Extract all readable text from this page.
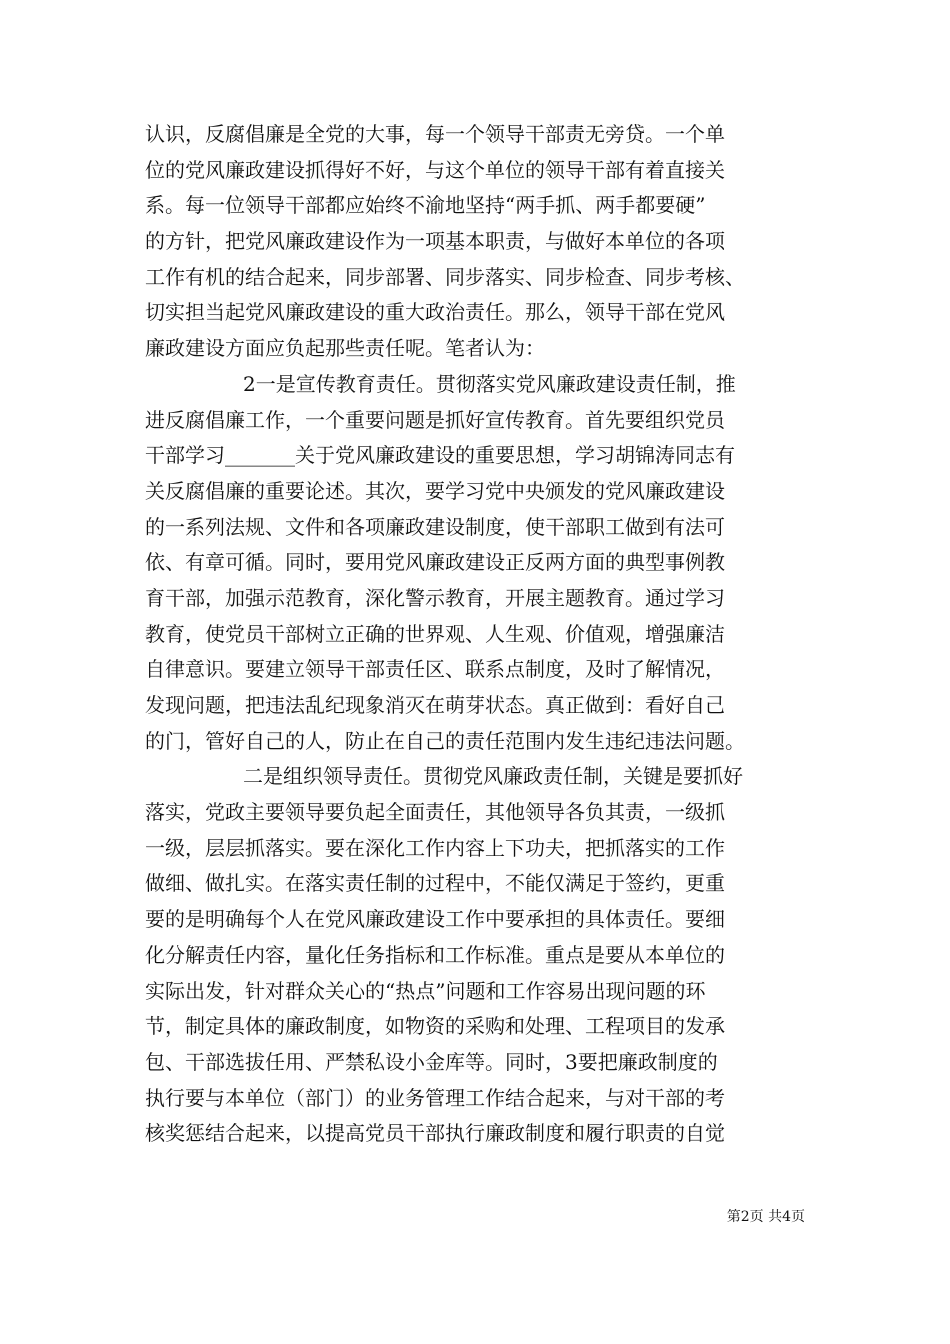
认识，反腐倡廉是全党的大事，每一个领导干部责无旁贷。一个单
位的党风廉政建设抓得好不好，与这个单位的领导干部有着直接关
系。每一位领导干部都应始终不渝地坚持“两手抓、两手都要硬”
的方针，把党风廉政建设作为一项基本职责，与做好本单位的各项
工作有机的结合起来，同步部署、同步落实、同步检查、同步考核、
切实担当起党风廉政建设的重大政治责任。那么，领导干部在党风
廉政建设方面应负起那些责任呢。笔者认为：
2一是宣传教育责任。贯彻落实党风廉政建设责任制，推
进反腐倡廉工作，一个重要问题是抓好宣传教育。首先要组织党员
干部学习_______关于党风廉政建设的重要思想，学习胡锦涛同志有
关反腐倡廉的重要论述。其次，要学习党中央颁发的党风廉政建设
的一系列法规、文件和各项廉政建设制度，使干部职工做到有法可
依、有章可循。同时，要用党风廉政建设正反两方面的典型事例教
育干部，加强示范教育，深化警示教育，开展主题教育。通过学习
教育，使党员干部树立正确的世界观、人生观、价值观，增强廉洁
自律意识。要建立领导干部责任区、联系点制度，及时了解情况，
发现问题，把违法乱纪现象消灭在萌芽状态。真正做到：看好自己
的门，管好自己的人，防止在自己的责任范围内发生违纪违法问题。
二是组织领导责任。贯彻党风廉政责任制，关键是要抓好
落实，党政主要领导要负起全面责任，其他领导各负其责，一级抓
一级，层层抓落实。要在深化工作内容上下功夫，把抓落实的工作
做细、做扎实。在落实责任制的过程中，不能仅满足于签约，更重
要的是明确每个人在党风廉政建设工作中要承担的具体责任。要细
化分解责任内容，量化任务指标和工作标准。重点是要从本单位的
实际出发，针对群众关心的“热点”问题和工作容易出现问题的环
节，制定具体的廉政制度，如物资的采购和处理、工程项目的发承
包、干部选拔任用、严禁私设小金库等。同时，3要把廉政制度的
执行要与本单位（部门）的业务管理工作结合起来，与对干部的考
核奖惩结合起来，以提高党员干部执行廉政制度和履行职责的自觉
第2页 共4页
